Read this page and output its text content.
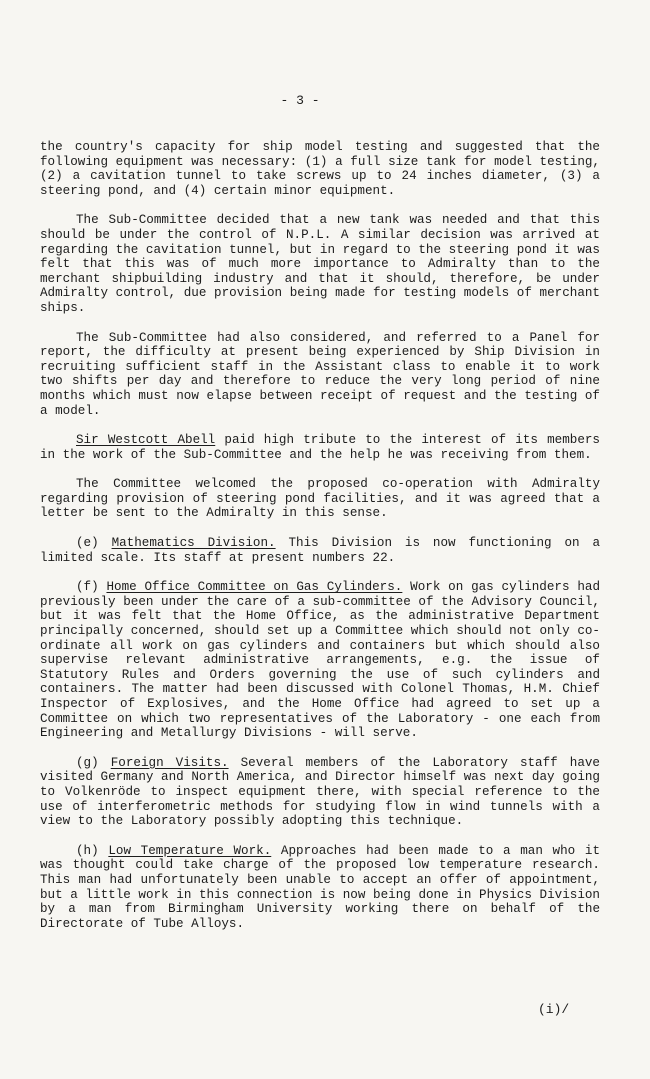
- 3 -

the country's capacity for ship model testing and suggested that the following equipment was necessary: (1) a full size tank for model testing, (2) a cavitation tunnel to take screws up to 24 inches diameter, (3) a steering pond, and (4) certain minor equipment.

The Sub-Committee decided that a new tank was needed and that this should be under the control of N.P.L. A similar decision was arrived at regarding the cavitation tunnel, but in regard to the steering pond it was felt that this was of much more importance to Admiralty than to the merchant shipbuilding industry and that it should, therefore, be under Admiralty control, due provision being made for testing models of merchant ships.

The Sub-Committee had also considered, and referred to a Panel for report, the difficulty at present being experienced by Ship Division in recruiting sufficient staff in the Assistant class to enable it to work two shifts per day and therefore to reduce the very long period of nine months which must now elapse between receipt of request and the testing of a model.

Sir Westcott Abell paid high tribute to the interest of its members in the work of the Sub-Committee and the help he was receiving from them.

The Committee welcomed the proposed co-operation with Admiralty regarding provision of steering pond facilities, and it was agreed that a letter be sent to the Admiralty in this sense.

(e) Mathematics Division. This Division is now functioning on a limited scale. Its staff at present numbers 22.

(f) Home Office Committee on Gas Cylinders. Work on gas cylinders had previously been under the care of a sub-committee of the Advisory Council, but it was felt that the Home Office, as the administrative Department principally concerned, should set up a Committee which should not only co-ordinate all work on gas cylinders and containers but which should also supervise relevant administrative arrangements, e.g. the issue of Statutory Rules and Orders governing the use of such cylinders and containers. The matter had been discussed with Colonel Thomas, H.M. Chief Inspector of Explosives, and the Home Office had agreed to set up a Committee on which two representatives of the Laboratory - one each from Engineering and Metallurgy Divisions - will serve.

(g) Foreign Visits. Several members of the Laboratory staff have visited Germany and North America, and Director himself was next day going to Volkenröde to inspect equipment there, with special reference to the use of interferometric methods for studying flow in wind tunnels with a view to the Laboratory possibly adopting this technique.

(h) Low Temperature Work. Approaches had been made to a man who it was thought could take charge of the proposed low temperature research. This man had unfortunately been unable to accept an offer of appointment, but a little work in this connection is now being done in Physics Division by a man from Birmingham University working there on behalf of the Directorate of Tube Alloys.

(i)/
